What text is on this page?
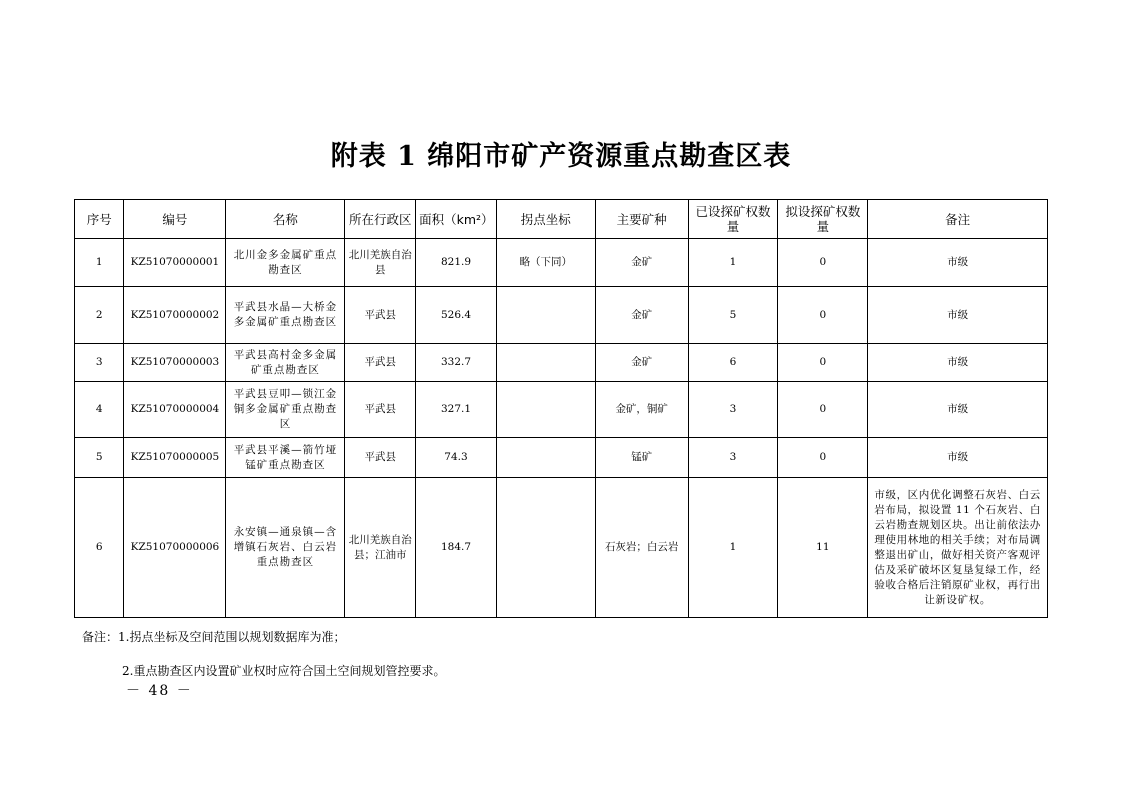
附表 1 绵阳市矿产资源重点勘查区表
序号	编号	名称	所在行政区	面积（km²）	拐点坐标	主要矿种	已设探矿权数量	拟设探矿权数量	备注
1	KZ51070000001	北川金多金属矿重点勘查区	北川羌族自治县	821.9	略（下同）	金矿	1	0	市级
2	KZ51070000002	平武县水晶—大桥金多金属矿重点勘查区	平武县	526.4		金矿	5	0	市级
3	KZ51070000003	平武县高村金多金属矿重点勘查区	平武县	332.7		金矿	6	0	市级
4	KZ51070000004	平武县豆叩—锁江金铜多金属矿重点勘查区	平武县	327.1		金矿，铜矿	3	0	市级
5	KZ51070000005	平武县平溪—箭竹垭锰矿重点勘查区	平武县	74.3		锰矿	3	0	市级
6	KZ51070000006	永安镇—通泉镇—含增镇石灰岩、白云岩重点勘查区	北川羌族自治县；江油市	184.7		石灰岩；白云岩	1	11	市级，区内优化调整石灰岩、白云岩布局，拟设置 11 个石灰岩、白云岩勘查规划区块。出让前依法办理使用林地的相关手续；对布局调整退出矿山，做好相关资产客观评估及采矿破坏区复垦复绿工作，经验收合格后注销原矿业权，再行出让新设矿权。
备注：1.拐点坐标及空间范围以规划数据库为准；
2.重点勘查区内设置矿业权时应符合国土空间规划管控要求。
－ 48 －
